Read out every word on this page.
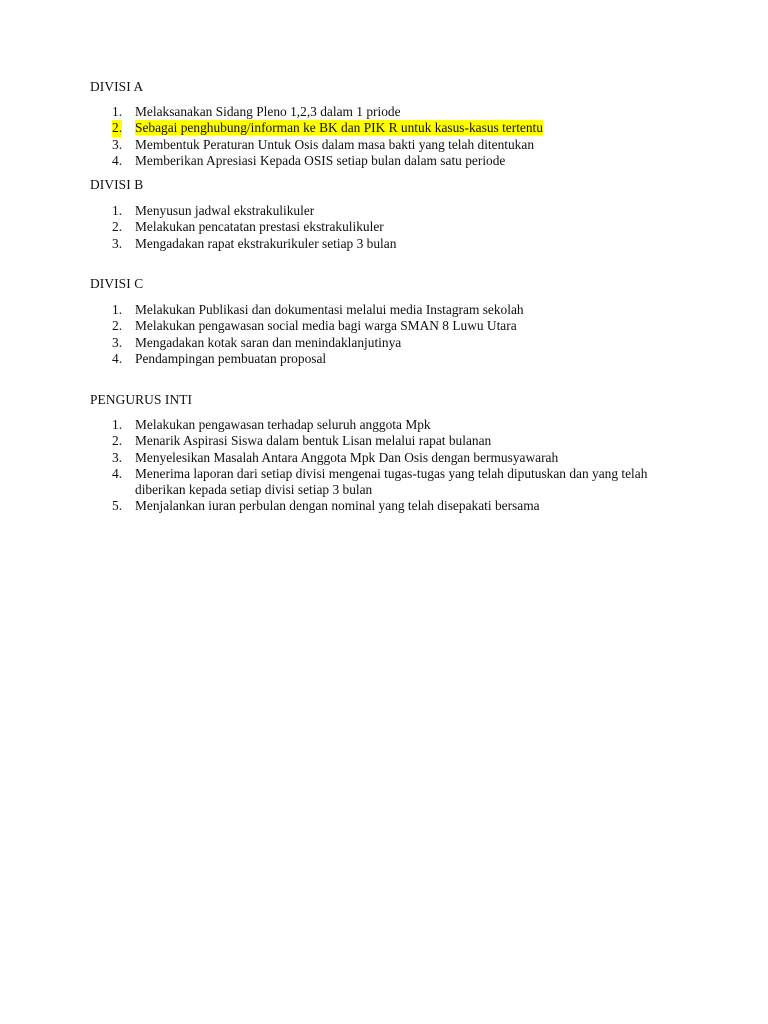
DIVISI A
1. Melaksanakan Sidang Pleno 1,2,3 dalam 1 priode
2. Sebagai penghubung/informan ke BK dan PIK R untuk kasus-kasus tertentu
3. Membentuk Peraturan Untuk Osis dalam masa bakti yang telah ditentukan
4. Memberikan Apresiasi Kepada OSIS setiap bulan dalam satu periode
DIVISI B
1. Menyusun jadwal ekstrakulikuler
2. Melakukan pencatatan prestasi ekstrakulikuler
3. Mengadakan rapat ekstrakurikuler setiap 3 bulan
DIVISI C
1. Melakukan Publikasi dan dokumentasi melalui media Instagram sekolah
2. Melakukan pengawasan social media bagi warga SMAN 8 Luwu Utara
3. Mengadakan kotak saran dan menindaklanjutinya
4. Pendampingan pembuatan proposal
PENGURUS INTI
1. Melakukan pengawasan terhadap seluruh anggota Mpk
2. Menarik Aspirasi Siswa dalam bentuk Lisan melalui rapat bulanan
3. Menyelesikan Masalah Antara Anggota Mpk Dan Osis dengan bermusyawarah
4. Menerima laporan dari setiap divisi mengenai tugas-tugas yang telah diputuskan dan yang telah diberikan kepada setiap divisi setiap 3 bulan
5. Menjalankan iuran perbulan dengan nominal yang telah disepakati bersama
